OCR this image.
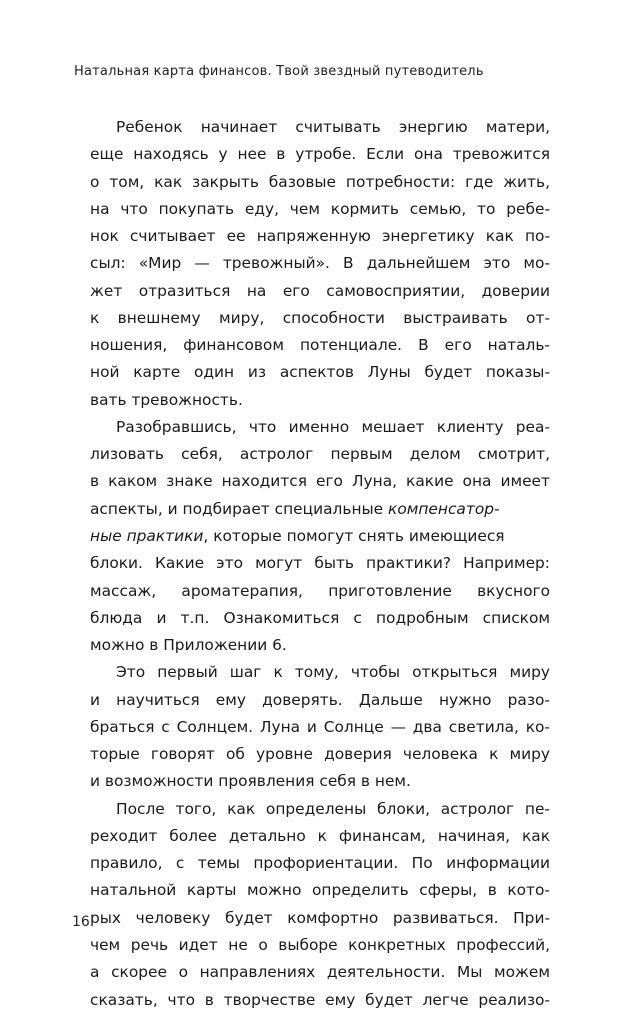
Натальная карта финансов. Твой звездный путеводитель
Ребенок начинает считывать энергию матери,
еще находясь у нее в утробе. Если она тревожится
о том, как закрыть базовые потребности: где жить,
на что покупать еду, чем кормить семью, то ребе-
нок считывает ее напряженную энергетику как по-
сыл: «Мир — тревожный». В дальнейшем это мо-
жет отразиться на его самовосприятии, доверии
к внешнему миру, способности выстраивать от-
ношения, финансовом потенциале. В его наталь-
ной карте один из аспектов Луны будет показы-
вать тревожность.
Разобравшись, что именно мешает клиенту реа-
лизовать себя, астролог первым делом смотрит,
в каком знаке находится его Луна, какие она имеет
аспекты, и подбирает специальные компенсатор-
ные практики, которые помогут снять имеющиеся
блоки. Какие это могут быть практики? Например:
массаж, ароматерапия, приготовление вкусного
блюда и т.п. Ознакомиться с подробным списком
можно в Приложении 6.
Это первый шаг к тому, чтобы открыться миру
и научиться ему доверять. Дальше нужно разо-
браться с Солнцем. Луна и Солнце — два светила, ко-
торые говорят об уровне доверия человека к миру
и возможности проявления себя в нем.
После того, как определены блоки, астролог пе-
реходит более детально к финансам, начиная, как
правило, с темы профориентации. По информации
натальной карты можно определить сферы, в кото-
рых человеку будет комфортно развиваться. При-
чем речь идет не о выборе конкретных профессий,
а скорее о направлениях деятельности. Мы можем
сказать, что в творчестве ему будет легче реализо-
16
